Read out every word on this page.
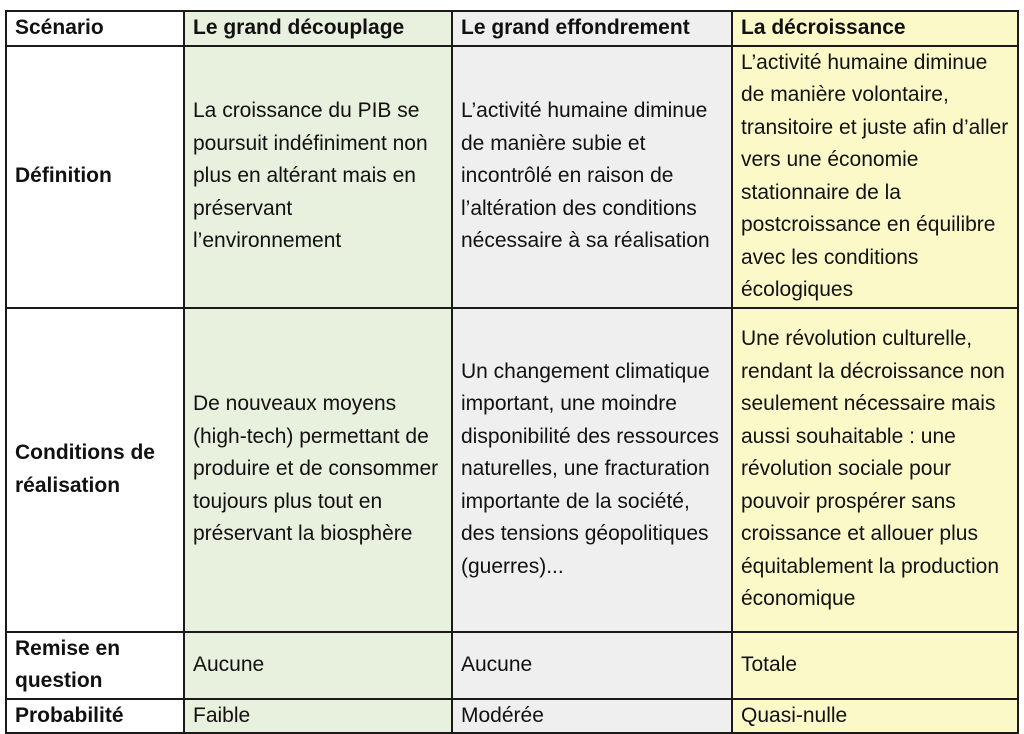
Scénario	Le grand découplage	Le grand effondrement	La décroissance
Définition	La croissance du PIB se poursuit indéfiniment non plus en altérant mais en préservant l’environnement	L’activité humaine diminue de manière subie et incontrôlé en raison de l’altération des conditions nécessaire à sa réalisation	L’activité humaine diminue de manière volontaire, transitoire et juste afin d’aller vers une économie stationnaire de la postcroissance en équilibre avec les conditions écologiques
Conditions de réalisation	De nouveaux moyens (high-tech) permettant de produire et de consommer toujours plus tout en préservant la biosphère	Un changement climatique important, une moindre disponibilité des ressources naturelles, une fracturation importante de la société, des tensions géopolitiques (guerres)...	Une révolution culturelle, rendant la décroissance non seulement nécessaire mais aussi souhaitable : une révolution sociale pour pouvoir prospérer sans croissance et allouer plus équitablement la production économique
Remise en question	Aucune	Aucune	Totale
Probabilité	Faible	Modérée	Quasi-nulle
